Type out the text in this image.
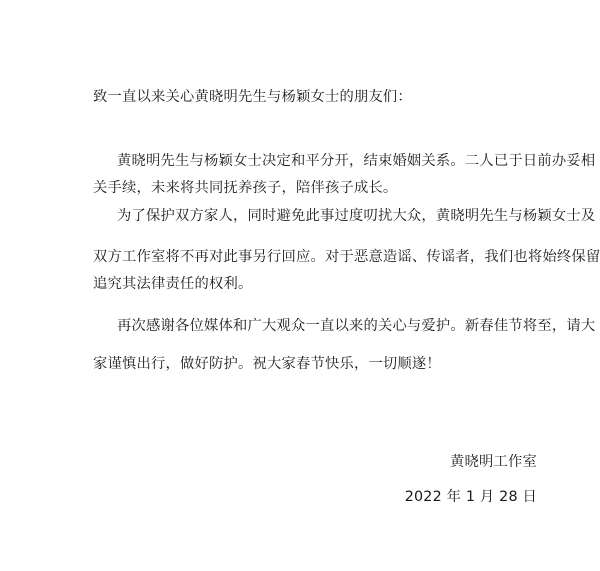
致一直以来关心黄晓明先生与杨颖女士的朋友们：
黄晓明先生与杨颖女士决定和平分开，结束婚姻关系。二人已于日前办妥相
关手续，未来将共同抚养孩子，陪伴孩子成长。
为了保护双方家人，同时避免此事过度叨扰大众，黄晓明先生与杨颖女士及
双方工作室将不再对此事另行回应。对于恶意造谣、传谣者，我们也将始终保留
追究其法律责任的权利。
再次感谢各位媒体和广大观众一直以来的关心与爱护。新春佳节将至，请大
家谨慎出行，做好防护。祝大家春节快乐，一切顺遂！
黄晓明工作室
2022 年 1 月 28 日
